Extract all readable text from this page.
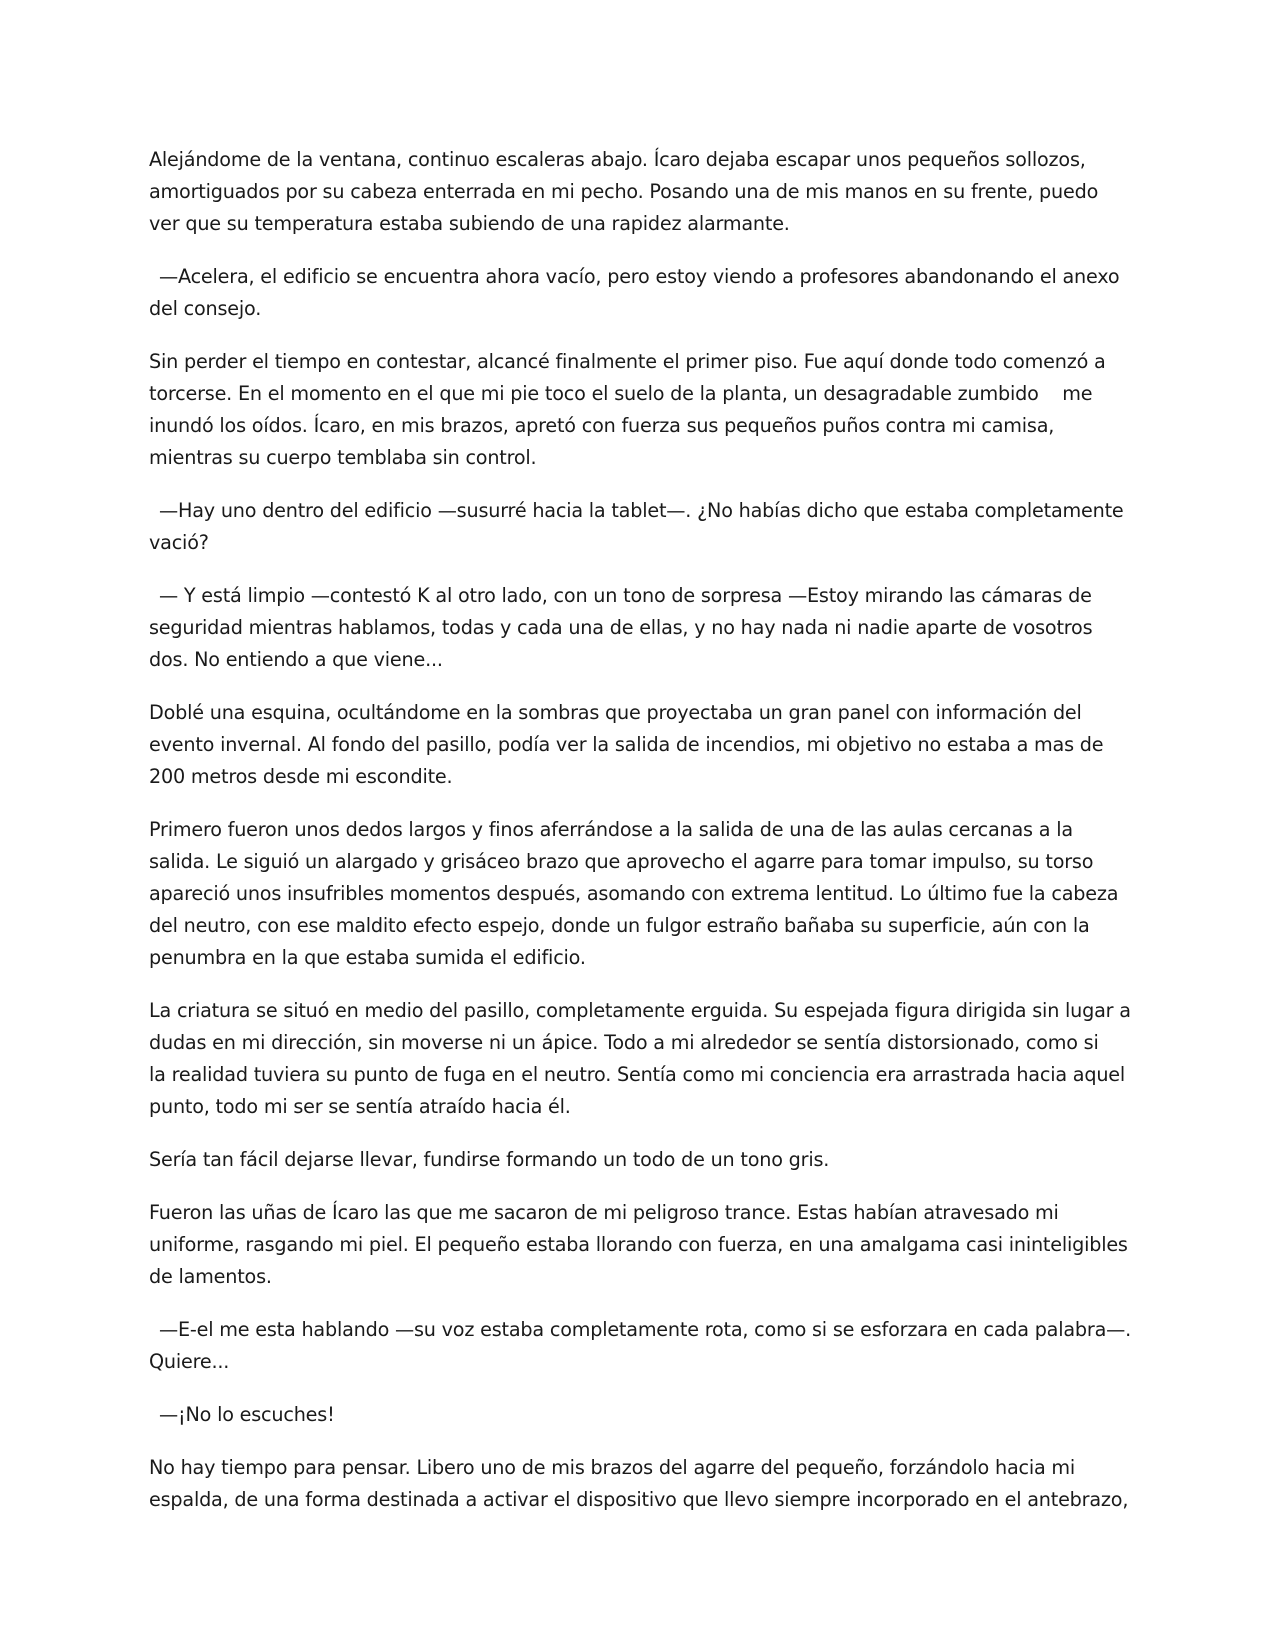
Alejándome de la ventana, continuo escaleras abajo. Ícaro dejaba escapar unos pequeños sollozos, amortiguados por su cabeza enterrada en mi pecho. Posando una de mis manos en su frente, puedo ver que su temperatura estaba subiendo de una rapidez alarmante.

—Acelera, el edificio se encuentra ahora vacío, pero estoy viendo a profesores abandonando el anexo del consejo.

Sin perder el tiempo en contestar, alcancé finalmente el primer piso. Fue aquí donde todo comenzó a torcerse. En el momento en el que mi pie toco el suelo de la planta, un desagradable zumbido    me inundó los oídos. Ícaro, en mis brazos, apretó con fuerza sus pequeños puños contra mi camisa, mientras su cuerpo temblaba sin control.

—Hay uno dentro del edificio —susurré hacia la tablet—. ¿No habías dicho que estaba completamente vació?

— Y está limpio —contestó K al otro lado, con un tono de sorpresa —Estoy mirando las cámaras de seguridad mientras hablamos, todas y cada una de ellas, y no hay nada ni nadie aparte de vosotros dos. No entiendo a que viene...

Doblé una esquina, ocultándome en la sombras que proyectaba un gran panel con información del evento invernal. Al fondo del pasillo, podía ver la salida de incendios, mi objetivo no estaba a mas de 200 metros desde mi escondite.

Primero fueron unos dedos largos y finos aferrándose a la salida de una de las aulas cercanas a la salida. Le siguió un alargado y grisáceo brazo que aprovecho el agarre para tomar impulso, su torso apareció unos insufribles momentos después, asomando con extrema lentitud. Lo último fue la cabeza del neutro, con ese maldito efecto espejo, donde un fulgor estraño bañaba su superficie, aún con la penumbra en la que estaba sumida el edificio.

La criatura se situó en medio del pasillo, completamente erguida. Su espejada figura dirigida sin lugar a dudas en mi dirección, sin moverse ni un ápice. Todo a mi alrededor se sentía distorsionado, como si    la realidad tuviera su punto de fuga en el neutro. Sentía como mi conciencia era arrastrada hacia aquel punto, todo mi ser se sentía atraído hacia él.

Sería tan fácil dejarse llevar, fundirse formando un todo de un tono gris.

Fueron las uñas de Ícaro las que me sacaron de mi peligroso trance. Estas habían atravesado mi uniforme, rasgando mi piel. El pequeño estaba llorando con fuerza, en una amalgama casi ininteligibles de lamentos.

—E-el me esta hablando —su voz estaba completamente rota, como si se esforzara en cada palabra—. Quiere...

—¡No lo escuches!

No hay tiempo para pensar. Libero uno de mis brazos del agarre del pequeño, forzándolo hacia mi espalda, de una forma destinada a activar el dispositivo que llevo siempre incorporado en el antebrazo,
